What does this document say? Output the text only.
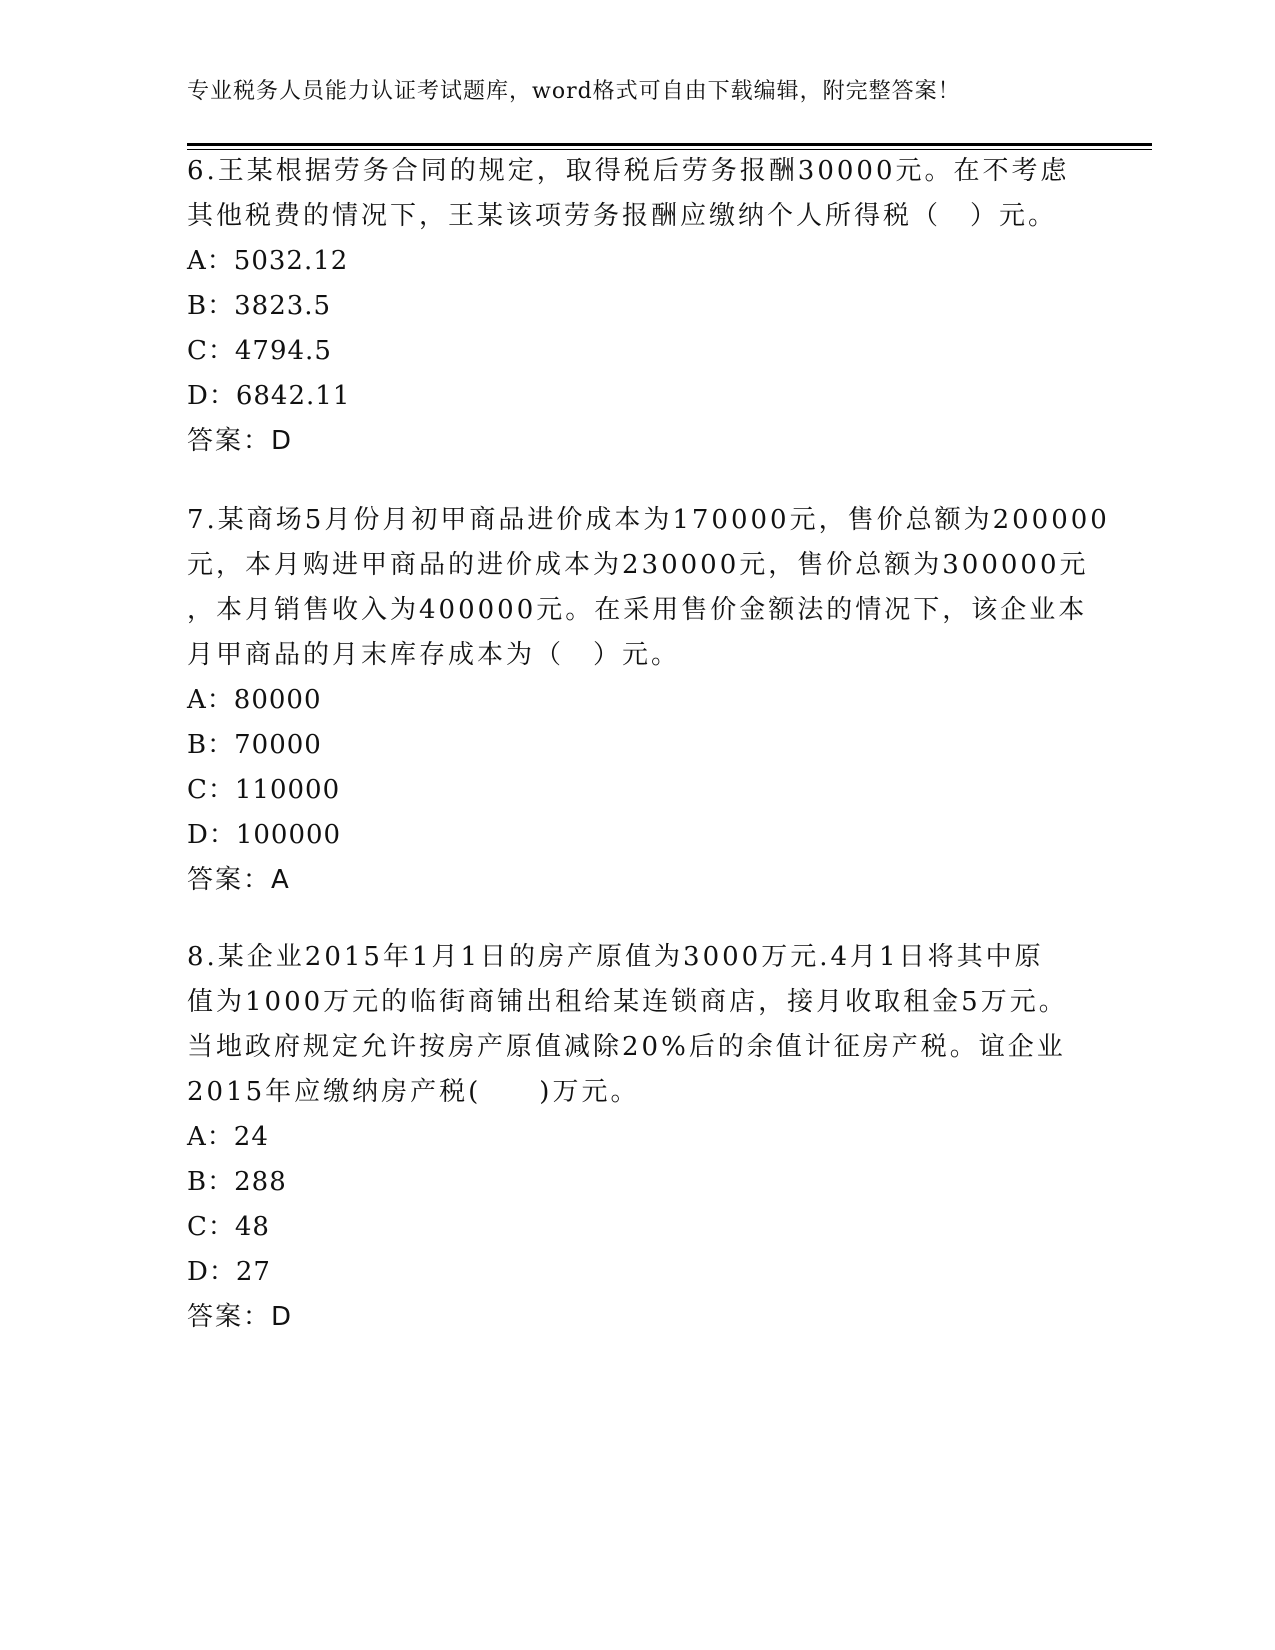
专业税务人员能力认证考试题库，word格式可自由下载编辑，附完整答案！
6.王某根据劳务合同的规定，取得税后劳务报酬30000元。在不考虑
其他税费的情况下，王某该项劳务报酬应缴纳个人所得税（　）元。
A：5032.12
B：3823.5
C：4794.5
D：6842.11
答案：D
7.某商场5月份月初甲商品进价成本为170000元，售价总额为200000
元，本月购进甲商品的进价成本为230000元，售价总额为300000元
，本月销售收入为400000元。在采用售价金额法的情况下，该企业本
月甲商品的月末库存成本为（　）元。
A：80000
B：70000
C：110000
D：100000
答案：A
8.某企业2015年1月1日的房产原值为3000万元.4月1日将其中原
值为1000万元的临街商铺出租给某连锁商店，接月收取租金5万元。
当地政府规定允许按房产原值减除20%后的余值计征房产税。谊企业
2015年应缴纳房产税(　　)万元。
A：24
B：288
C：48
D：27
答案：D
